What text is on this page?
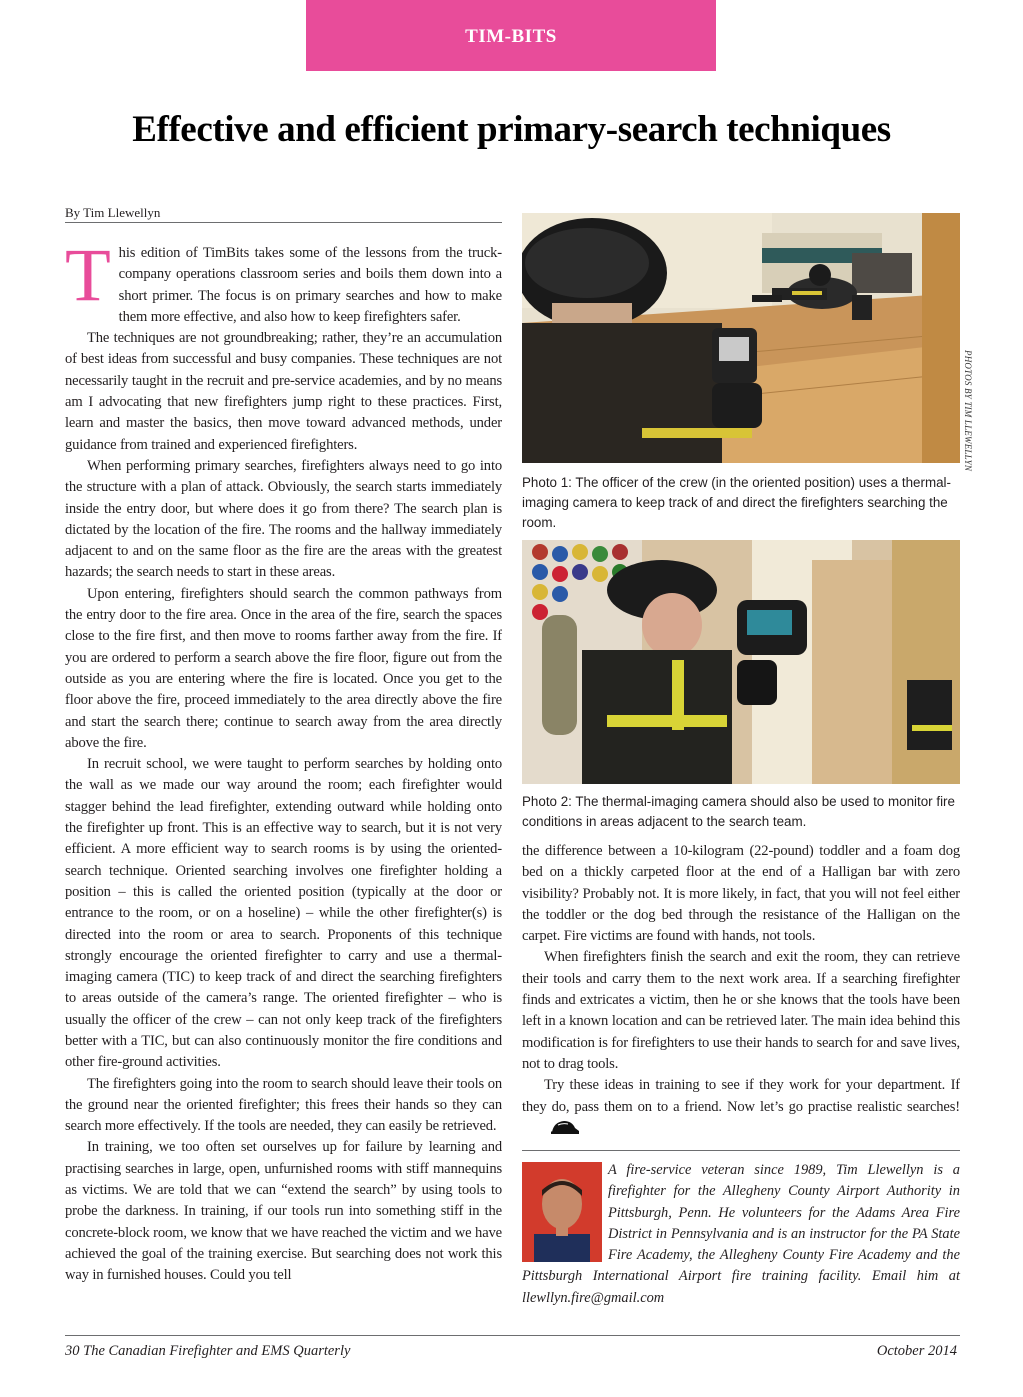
TIM-BITS
Effective and efficient primary-search techniques
By Tim Llewellyn

This edition of TimBits takes some of the lessons from the truck-company operations classroom series and boils them down into a short primer. The focus is on primary searches and how to make them more effective, and also how to keep firefighters safer.

The techniques are not groundbreaking; rather, they’re an accumulation of best ideas from successful and busy companies. These techniques are not necessarily taught in the recruit and pre-service academies, and by no means am I advocating that new firefighters jump right to these practices. First, learn and master the basics, then move toward advanced methods, under guidance from trained and experienced firefighters.

When performing primary searches, firefighters always need to go into the structure with a plan of attack. Obviously, the search starts immediately inside the entry door, but where does it go from there? The search plan is dictated by the location of the fire. The rooms and the hallway immediately adjacent to and on the same floor as the fire are the areas with the greatest hazards; the search needs to start in these areas.

Upon entering, firefighters should search the common pathways from the entry door to the fire area. Once in the area of the fire, search the spaces close to the fire first, and then move to rooms farther away from the fire. If you are ordered to perform a search above the fire floor, figure out from the outside as you are entering where the fire is located. Once you get to the floor above the fire, proceed immediately to the area directly above the fire and start the search there; continue to search away from the area directly above the fire.

In recruit school, we were taught to perform searches by holding onto the wall as we made our way around the room; each firefighter would stagger behind the lead firefighter, extending outward while holding onto the firefighter up front. This is an effective way to search, but it is not very efficient. A more efficient way to search rooms is by using the oriented-search technique. Oriented searching involves one firefighter holding a position – this is called the oriented position (typically at the door or entrance to the room, or on a hoseline) – while the other firefighter(s) is directed into the room or area to search. Proponents of this technique strongly encourage the oriented firefighter to carry and use a thermal-imaging camera (TIC) to keep track of and direct the searching firefighters to areas outside of the camera’s range. The oriented firefighter – who is usually the officer of the crew – can not only keep track of the firefighters better with a TIC, but can also continuously monitor the fire conditions and other fire-ground activities.

The firefighters going into the room to search should leave their tools on the ground near the oriented firefighter; this frees their hands so they can search more effectively. If the tools are needed, they can easily be retrieved.

In training, we too often set ourselves up for failure by learning and practising searches in large, open, unfurnished rooms with stiff mannequins as victims. We are told that we can “extend the search” by using tools to probe the darkness. In training, if our tools run into something stiff in the concrete-block room, we know that we have reached the victim and we have achieved the goal of the training exercise. But searching does not work this way in furnished houses. Could you tell

PHOTOS BY TIM LLEWELLYN
Photo 1: The officer of the crew (in the oriented position) uses a thermal-imaging camera to keep track of and direct the firefighters searching the room.
Photo 2: The thermal-imaging camera should also be used to monitor fire conditions in areas adjacent to the search team.

the difference between a 10-kilogram (22-pound) toddler and a foam dog bed on a thickly carpeted floor at the end of a Halligan bar with zero visibility? Probably not. It is more likely, in fact, that you will not feel either the toddler or the dog bed through the resistance of the Halligan on the carpet. Fire victims are found with hands, not tools.

When firefighters finish the search and exit the room, they can retrieve their tools and carry them to the next work area. If a searching firefighter finds and extricates a victim, then he or she knows that the tools have been left in a known location and can be retrieved later. The main idea behind this modification is for firefighters to use their hands to search for and save lives, not to drag tools.

Try these ideas in training to see if they work for your department. If they do, pass them on to a friend. Now let’s go practise realistic searches!

A fire-service veteran since 1989, Tim Llewellyn is a firefighter for the Allegheny County Airport Authority in Pittsburgh, Penn. He volunteers for the Adams Area Fire District in Pennsylvania and is an instructor for the PA State Fire Academy, the Allegheny County Fire Academy and the Pittsburgh International Airport fire training facility. Email him at llewllyn.fire@gmail.com
30 The Canadian Firefighter and EMS Quarterly	October 2014
